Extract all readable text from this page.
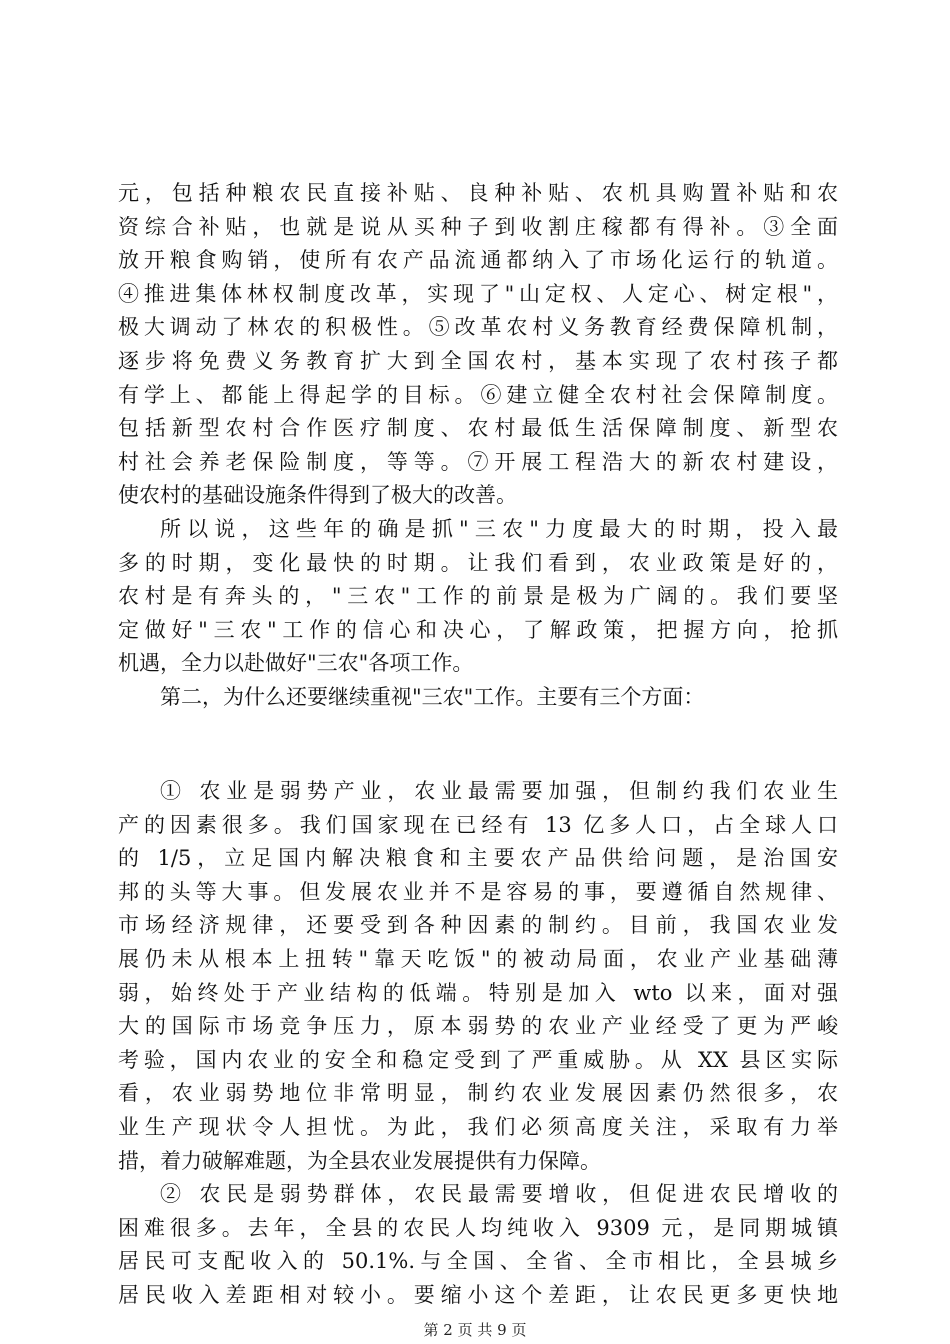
元，包括种粮农民直接补贴、良种补贴、农机具购置补贴和农
资综合补贴，也就是说从买种子到收割庄稼都有得补。③全面
放开粮食购销，使所有农产品流通都纳入了市场化运行的轨道。
④推进集体林权制度改革，实现了"山定权、人定心、树定根"，
极大调动了林农的积极性。⑤改革农村义务教育经费保障机制，
逐步将免费义务教育扩大到全国农村，基本实现了农村孩子都
有学上、都能上得起学的目标。⑥建立健全农村社会保障制度。
包括新型农村合作医疗制度、农村最低生活保障制度、新型农
村社会养老保险制度，等等。⑦开展工程浩大的新农村建设，
使农村的基础设施条件得到了极大的改善。
所以说，这些年的确是抓"三农"力度最大的时期，投入最
多的时期，变化最快的时期。让我们看到，农业政策是好的，
农村是有奔头的，"三农"工作的前景是极为广阔的。我们要坚
定做好"三农"工作的信心和决心，了解政策，把握方向，抢抓
机遇，全力以赴做好"三农"各项工作。
第二，为什么还要继续重视"三农"工作。主要有三个方面：
① 农业是弱势产业，农业最需要加强，但制约我们农业生
产的因素很多。我们国家现在已经有 13 亿多人口，占全球人口
的 1/5，立足国内解决粮食和主要农产品供给问题，是治国安
邦的头等大事。但发展农业并不是容易的事，要遵循自然规律、
市场经济规律，还要受到各种因素的制约。目前，我国农业发
展仍未从根本上扭转"靠天吃饭"的被动局面，农业产业基础薄
弱，始终处于产业结构的低端。特别是加入 wto 以来，面对强
大的国际市场竞争压力，原本弱势的农业产业经受了更为严峻
考验，国内农业的安全和稳定受到了严重威胁。从 XX 县区实际
看，农业弱势地位非常明显，制约农业发展因素仍然很多，农
业生产现状令人担忧。为此，我们必须高度关注，采取有力举
措，着力破解难题，为全县农业发展提供有力保障。
② 农民是弱势群体，农民最需要增收，但促进农民增收的
困难很多。去年，全县的农民人均纯收入 9309 元，是同期城镇
居民可支配收入的 50.1%.与全国、全省、全市相比，全县城乡
居民收入差距相对较小。要缩小这个差距，让农民更多更快地
第 2 页 共 9 页
